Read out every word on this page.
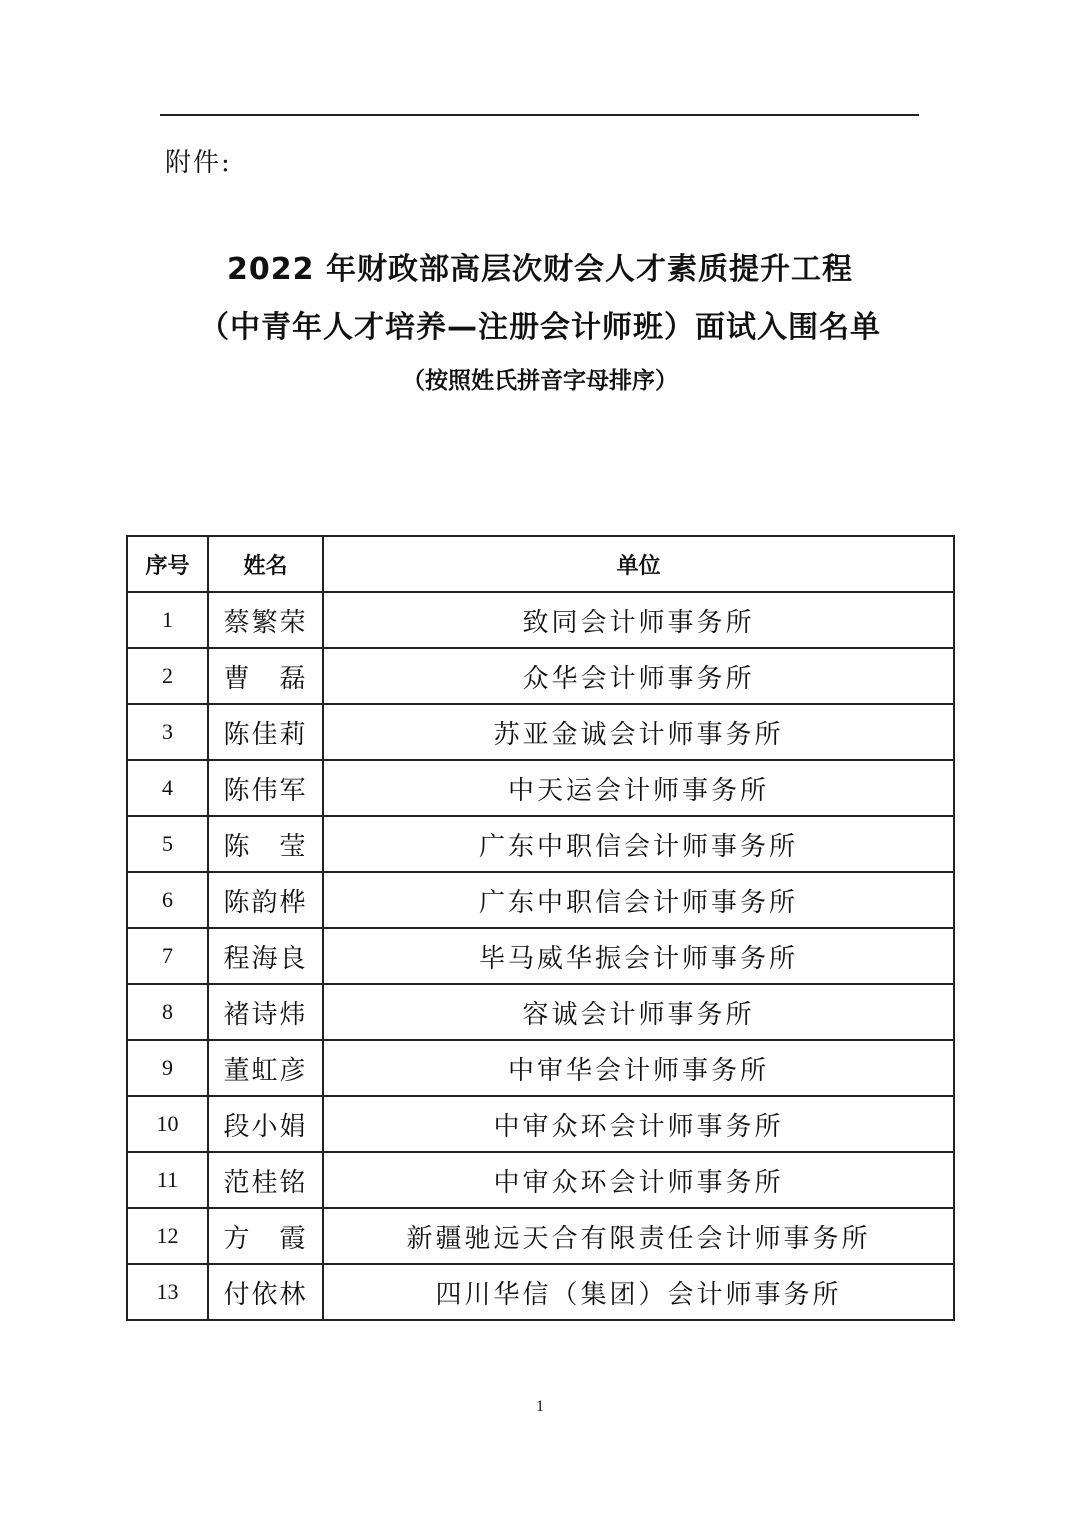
附件:
2022 年财政部高层次财会人才素质提升工程
（中青年人才培养—注册会计师班）面试入围名单
（按照姓氏拼音字母排序）
序号	姓名	单位
1	蔡繁荣	致同会计师事务所
2	曹　磊	众华会计师事务所
3	陈佳莉	苏亚金诚会计师事务所
4	陈伟军	中天运会计师事务所
5	陈　莹	广东中职信会计师事务所
6	陈韵桦	广东中职信会计师事务所
7	程海良	毕马威华振会计师事务所
8	褚诗炜	容诚会计师事务所
9	董虹彦	中审华会计师事务所
10	段小娟	中审众环会计师事务所
11	范桂铭	中审众环会计师事务所
12	方　霞	新疆驰远天合有限责任会计师事务所
13	付依林	四川华信（集团）会计师事务所
1
